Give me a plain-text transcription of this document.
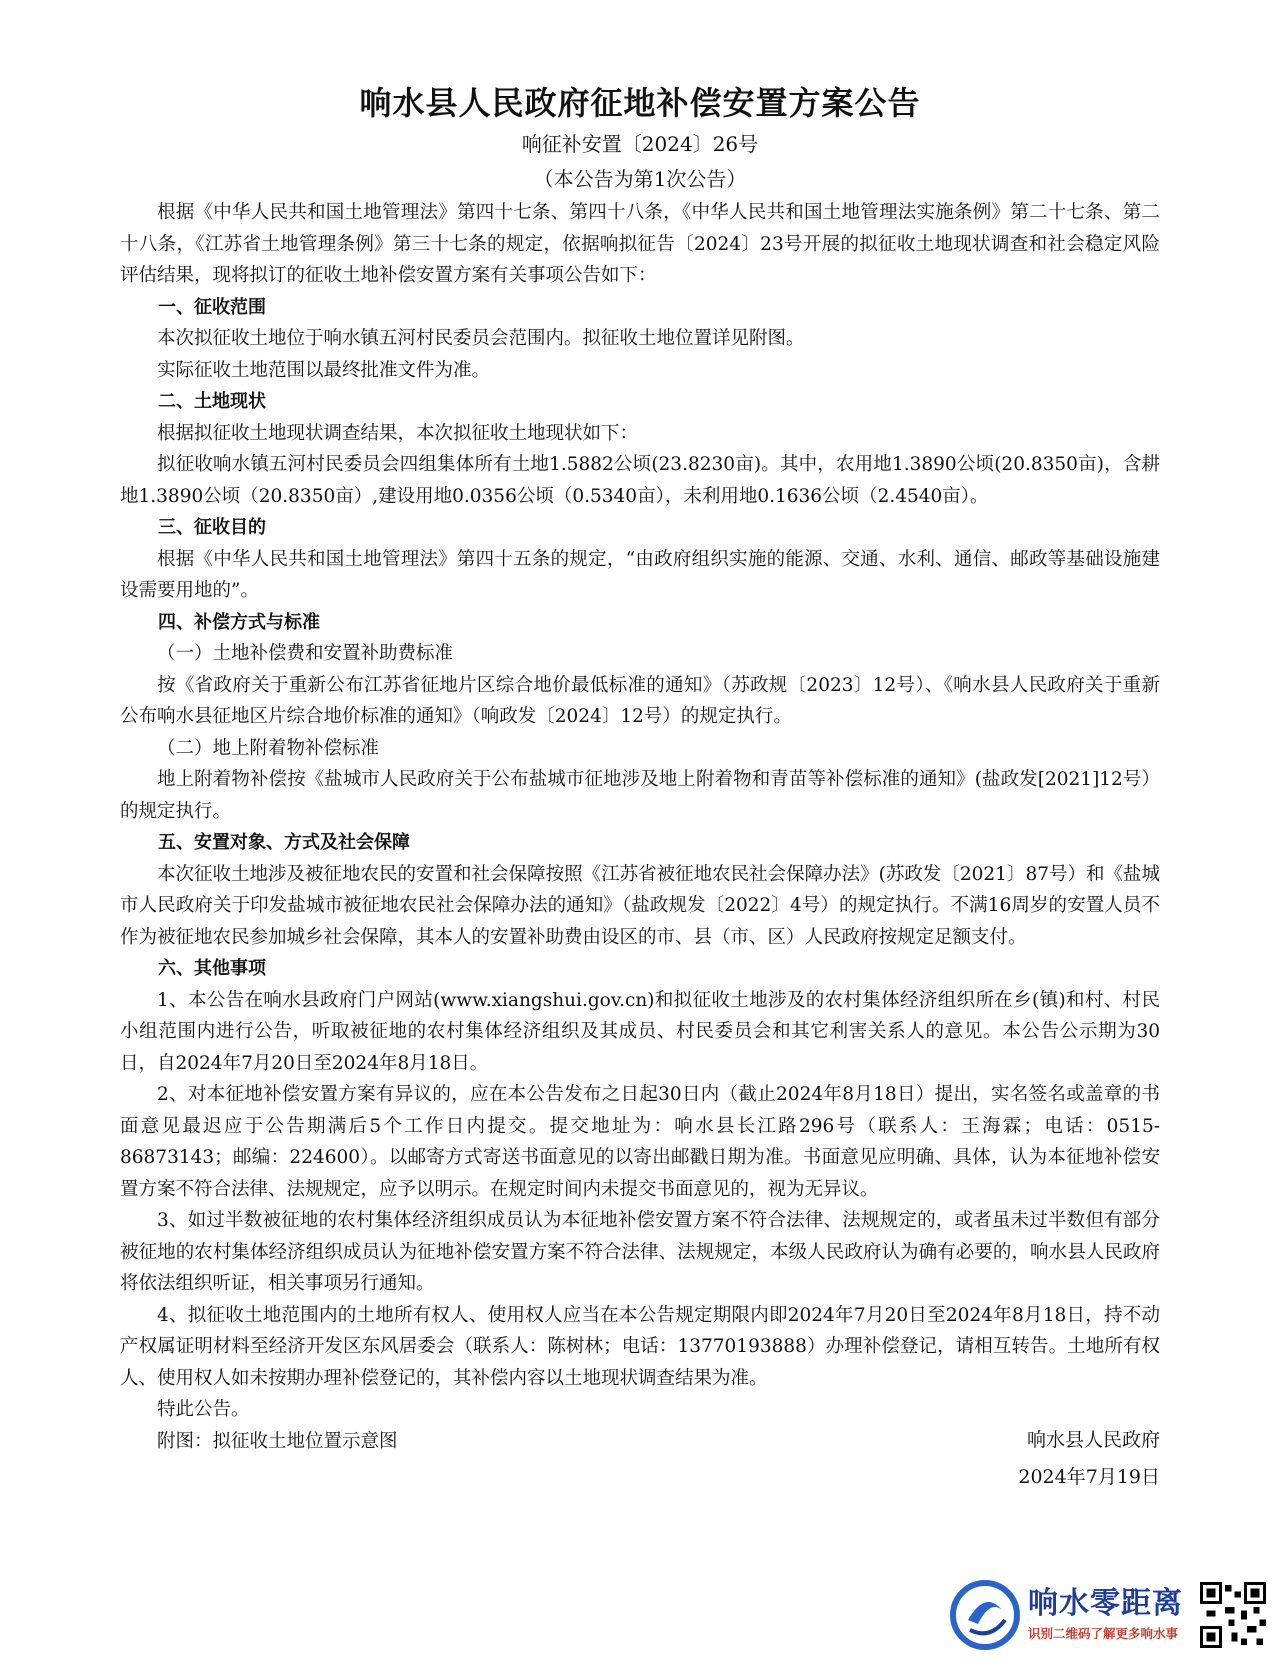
响水县人民政府征地补偿安置方案公告
响征补安置〔2024〕26号
（本公告为第1次公告）

根据《中华人民共和国土地管理法》第四十七条、第四十八条，《中华人民共和国土地管理法实施条例》第二十七条、第二十八条，《江苏省土地管理条例》第三十七条的规定，依据响拟征告〔2024〕23号开展的拟征收土地现状调查和社会稳定风险评估结果，现将拟订的征收土地补偿安置方案有关事项公告如下：

一、征收范围

本次拟征收土地位于响水镇五河村民委员会范围内。拟征收土地位置详见附图。

实际征收土地范围以最终批准文件为准。

二、土地现状

根据拟征收土地现状调查结果，本次拟征收土地现状如下：

拟征收响水镇五河村民委员会四组集体所有土地1.5882公顷(23.8230亩)。其中，农用地1.3890公顷(20.8350亩)，含耕地1.3890公顷（20.8350亩）,建设用地0.0356公顷（0.5340亩），未利用地0.1636公顷（2.4540亩）。

三、征收目的

根据《中华人民共和国土地管理法》第四十五条的规定，“由政府组织实施的能源、交通、水利、通信、邮政等基础设施建设需要用地的”。

四、补偿方式与标准

（一）土地补偿费和安置补助费标准

按《省政府关于重新公布江苏省征地片区综合地价最低标准的通知》（苏政规〔2023〕12号）、《响水县人民政府关于重新公布响水县征地区片综合地价标准的通知》（响政发〔2024〕12号）的规定执行。

（二）地上附着物补偿标准

地上附着物补偿按《盐城市人民政府关于公布盐城市征地涉及地上附着物和青苗等补偿标准的通知》(盐政发[2021]12号）的规定执行。

五、安置对象、方式及社会保障

本次征收土地涉及被征地农民的安置和社会保障按照《江苏省被征地农民社会保障办法》(苏政发〔2021〕87号）和《盐城市人民政府关于印发盐城市被征地农民社会保障办法的通知》（盐政规发〔2022〕4号）的规定执行。不满16周岁的安置人员不作为被征地农民参加城乡社会保障，其本人的安置补助费由设区的市、县（市、区）人民政府按规定足额支付。

六、其他事项

1、本公告在响水县政府门户网站(www.xiangshui.gov.cn)和拟征收土地涉及的农村集体经济组织所在乡(镇)和村、村民小组范围内进行公告，听取被征地的农村集体经济组织及其成员、村民委员会和其它利害关系人的意见。本公告公示期为30日，自2024年7月20日至2024年8月18日。

2、对本征地补偿安置方案有异议的，应在本公告发布之日起30日内（截止2024年8月18日）提出，实名签名或盖章的书面意见最迟应于公告期满后5个工作日内提交。提交地址为：响水县长江路296号（联系人：王海霖；电话：0515-86873143；邮编：224600）。以邮寄方式寄送书面意见的以寄出邮戳日期为准。书面意见应明确、具体，认为本征地补偿安置方案不符合法律、法规规定，应予以明示。在规定时间内未提交书面意见的，视为无异议。

3、如过半数被征地的农村集体经济组织成员认为本征地补偿安置方案不符合法律、法规规定的，或者虽未过半数但有部分被征地的农村集体经济组织成员认为征地补偿安置方案不符合法律、法规规定，本级人民政府认为确有必要的，响水县人民政府将依法组织听证，相关事项另行通知。

4、拟征收土地范围内的土地所有权人、使用权人应当在本公告规定期限内即2024年7月20日至2024年8月18日，持不动产权属证明材料至经济开发区东风居委会（联系人：陈树林；电话：13770193888）办理补偿登记，请相互转告。土地所有权人、使用权人如未按期办理补偿登记的，其补偿内容以土地现状调查结果为准。

特此公告。

附图：拟征收土地位置示意图	响水县人民政府
2024年7月19日
响水零距离
识别二维码了解更多响水事
